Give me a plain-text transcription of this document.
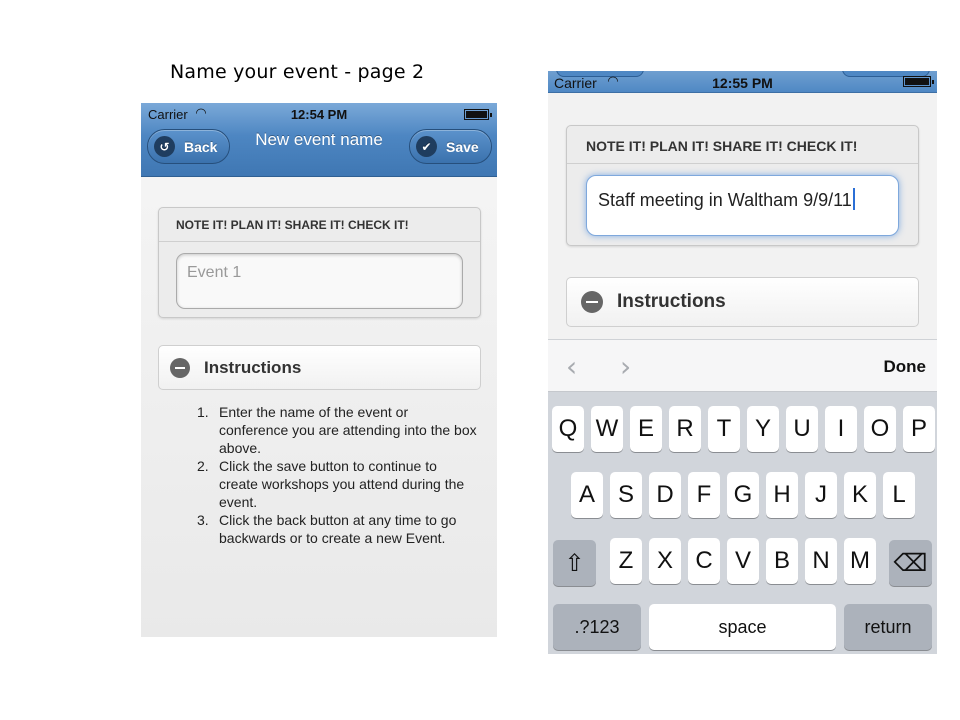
Name your event - page 2
Carrier ◠	12:54 PM
New event name
↺	Back	✔	Save
NOTE IT! PLAN IT! SHARE IT! CHECK IT!
Event 1
Instructions
1. Enter the name of the event or conference you are attending into the box above.
2. Click the save button to continue to create workshops you attend during the event.
3. Click the back button at any time to go backwards or to create a new Event.
Carrier ◠	12:55 PM
NOTE IT! PLAN IT! SHARE IT! CHECK IT!
Staff meeting in Waltham 9/9/11
Instructions
‹ ›	Done
Q W E R T Y U	I	O P
A S D F G H	J	K	L
Z X C V B N M
⇧	⌫
.?123	space	return
